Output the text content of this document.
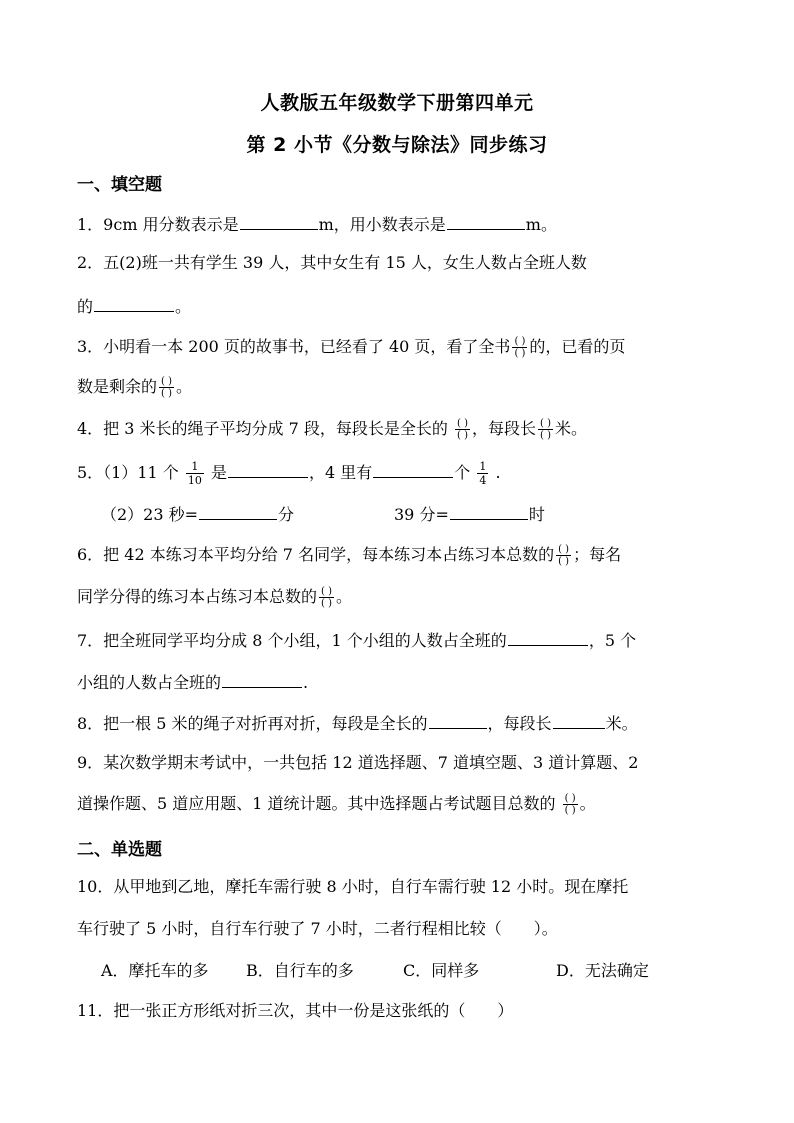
人教版五年级数学下册第四单元
第 2 小节《分数与除法》同步练习
一、填空题
1．9cm 用分数表示是	m，用小数表示是	m。
2．五(2)班一共有学生 39 人，其中女生有 15 人，女生人数占全班人数
的	。
3．小明看一本 200 页的故事书，已经看了 40 页，看了全书 $\frac{( )}{( )}$ 的，已看的页
数是剩余的 $\frac{( )}{( )}$ 。
4．把 3 米长的绳子平均分成 7 段，每段长是全长的 $\frac{( )}{( )}$ ，每段长 $\frac{( )}{( )}$ 米。
5．（1）11 个 $\frac{1}{10}$ 是	，4 里有	个 $\frac{1}{4}$ .
（2）23 秒=	分	39 分=	时
6．把 42 本练习本平均分给 7 名同学，每本练习本占练习本总数的 $\frac{( )}{( )}$ ；每名
同学分得的练习本占练习本总数的 $\frac{( )}{( )}$ 。
7．把全班同学平均分成 8 个小组，1 个小组的人数占全班的	，5 个
小组的人数占全班的	.
8．把一根 5 米的绳子对折再对折，每段是全长的	，每段长	米。
9．某次数学期末考试中，一共包括 12 道选择题、7 道填空题、3 道计算题、2
道操作题、5 道应用题、1 道统计题。其中选择题占考试题目总数的 $\frac{( )}{( )}$ 。
二、单选题
10．从甲地到乙地，摩托车需行驶 8 小时，自行车需行驶 12 小时。现在摩托
车行驶了 5 小时，自行车行驶了 7 小时，二者行程相比较（　　）。
A．摩托车的多 B．自行车的多	C．同样多	D．无法确定
11．把一张正方形纸对折三次，其中一份是这张纸的（　　）
